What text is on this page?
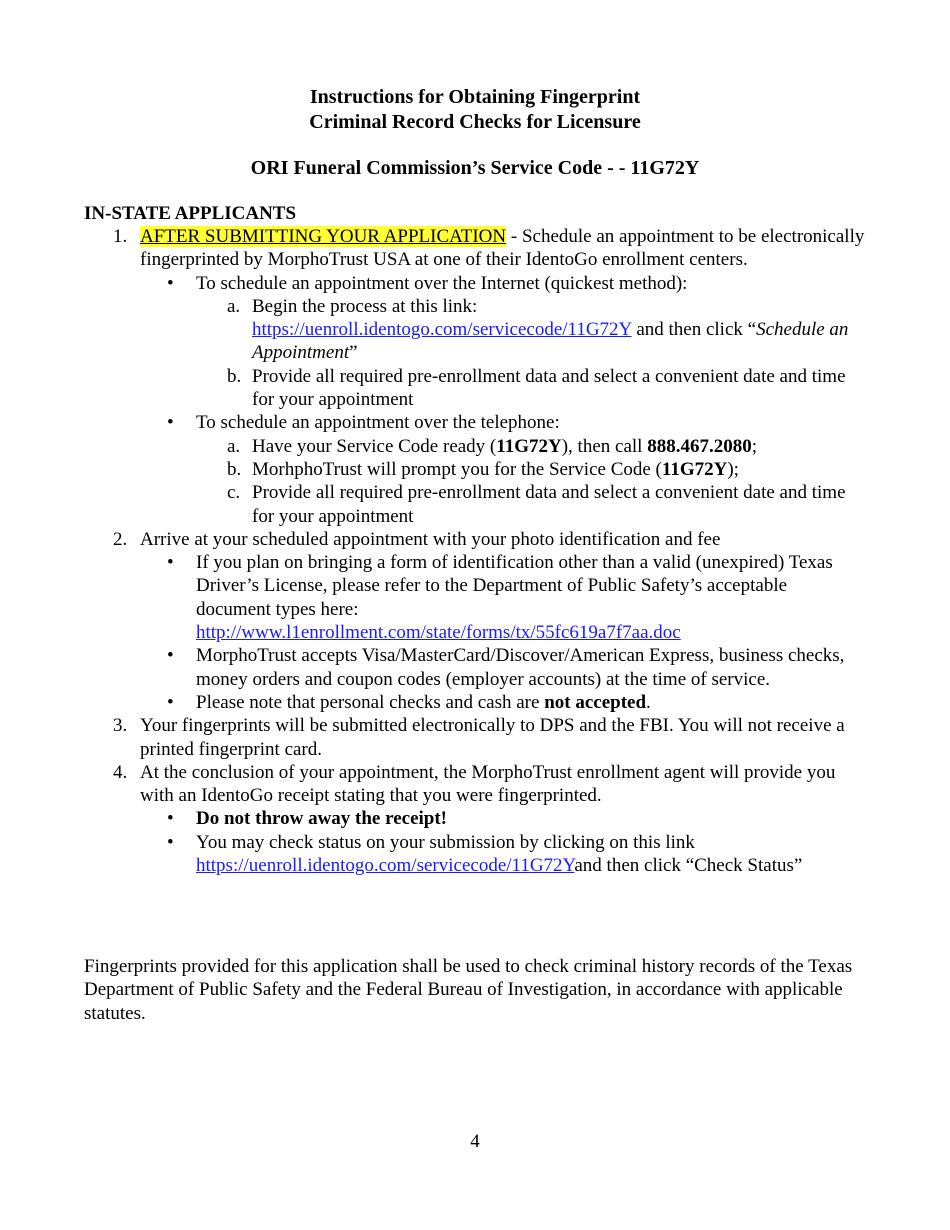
Instructions for Obtaining Fingerprint
Criminal Record Checks for Licensure
ORI Funeral Commission’s Service Code - - 11G72Y
IN-STATE APPLICANTS
1. AFTER SUBMITTING YOUR APPLICATION - Schedule an appointment to be electronically fingerprinted by MorphoTrust USA at one of their IdentoGo enrollment centers.
• To schedule an appointment over the Internet (quickest method):
a. Begin the process at this link:
https://uenroll.identogo.com/servicecode/11G72Y and then click “Schedule an Appointment”
b. Provide all required pre-enrollment data and select a convenient date and time for your appointment
• To schedule an appointment over the telephone:
a. Have your Service Code ready (11G72Y), then call 888.467.2080;
b. MorhphoTrust will prompt you for the Service Code (11G72Y);
c. Provide all required pre-enrollment data and select a convenient date and time for your appointment
2. Arrive at your scheduled appointment with your photo identification and fee
• If you plan on bringing a form of identification other than a valid (unexpired) Texas Driver’s License, please refer to the Department of Public Safety’s acceptable document types here:
http://www.l1enrollment.com/state/forms/tx/55fc619a7f7aa.doc
• MorphoTrust accepts Visa/MasterCard/Discover/American Express, business checks, money orders and coupon codes (employer accounts) at the time of service.
• Please note that personal checks and cash are not accepted.
3. Your fingerprints will be submitted electronically to DPS and the FBI. You will not receive a printed fingerprint card.
4. At the conclusion of your appointment, the MorphoTrust enrollment agent will provide you with an IdentoGo receipt stating that you were fingerprinted.
• Do not throw away the receipt!
• You may check status on your submission by clicking on this link
https://uenroll.identogo.com/servicecode/11G72Yand then click “Check Status”
Fingerprints provided for this application shall be used to check criminal history records of the Texas Department of Public Safety and the Federal Bureau of Investigation, in accordance with applicable statutes.
4
